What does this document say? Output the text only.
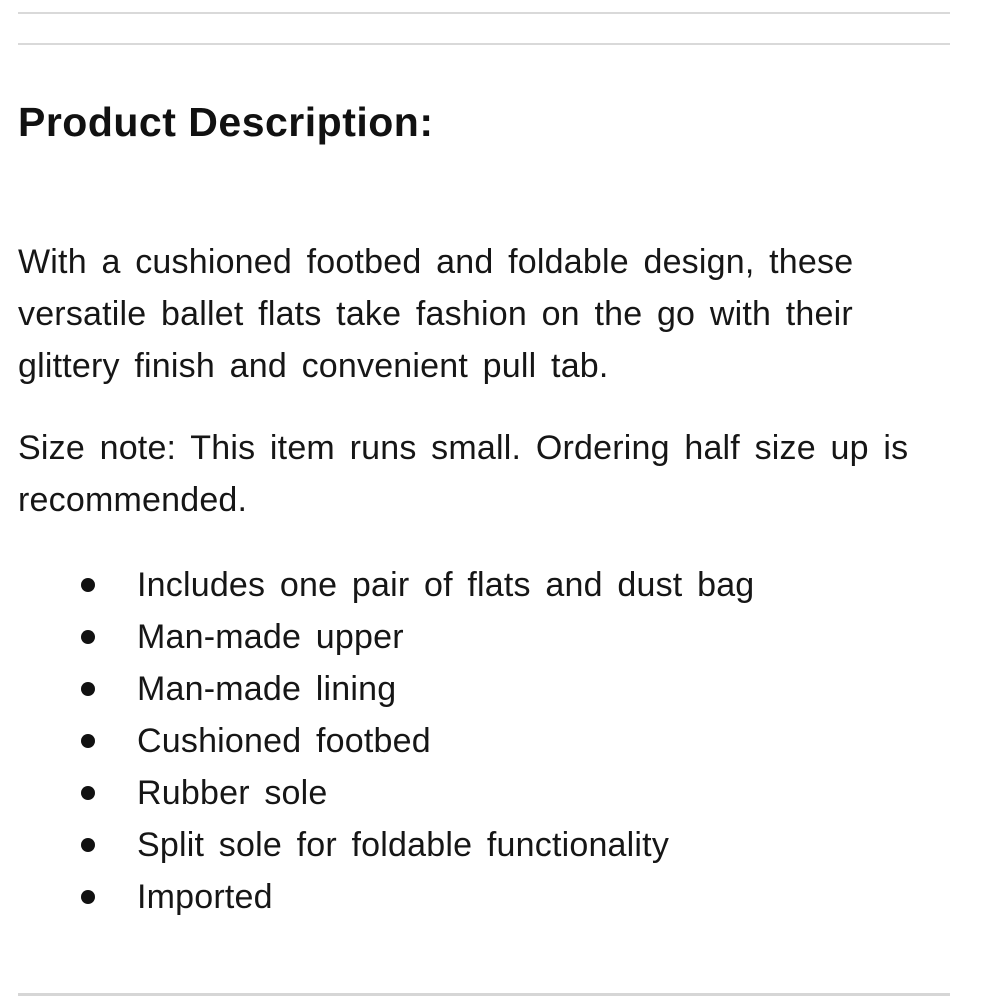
Product Description:

With a cushioned footbed and foldable design, these versatile ballet flats take fashion on the go with their glittery finish and convenient pull tab.

Size note: This item runs small. Ordering half size up is recommended.

Includes one pair of flats and dust bag
Man-made upper
Man-made lining
Cushioned footbed
Rubber sole
Split sole for foldable functionality
Imported
